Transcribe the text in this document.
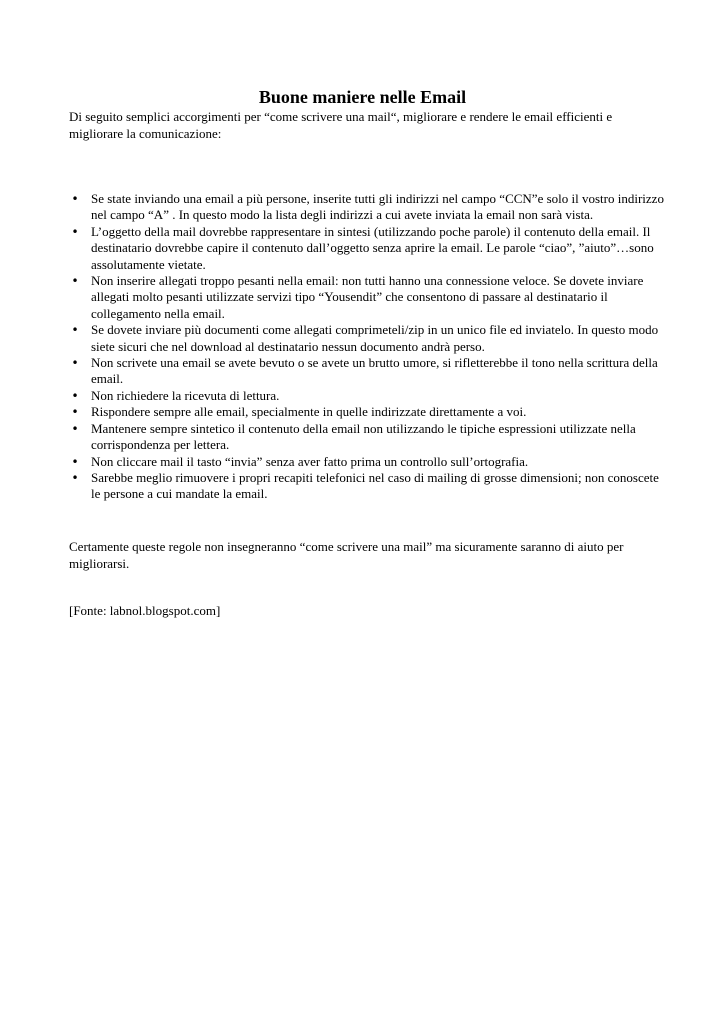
Buone maniere nelle Email

Di seguito semplici accorgimenti per “come scrivere una mail“, migliorare e rendere le email efficienti e migliorare la comunicazione:

• Se state inviando una email a più persone, inserite tutti gli indirizzi nel campo “CCN”e solo il vostro indirizzo nel campo “A” . In questo modo la lista degli indirizzi a cui avete inviata la email non sarà vista.
• L’oggetto della mail dovrebbe rappresentare in sintesi (utilizzando poche parole) il contenuto della email. Il destinatario dovrebbe capire il contenuto dall’oggetto senza aprire la email. Le parole “ciao”, ”aiuto”…sono assolutamente vietate.
• Non inserire allegati troppo pesanti nella email: non tutti hanno una connessione veloce. Se dovete inviare allegati molto pesanti utilizzate servizi tipo “Yousendit” che consentono di passare al destinatario il collegamento nella email.
• Se dovete inviare più documenti come allegati comprimeteli/zip in un unico file ed inviatelo. In questo modo siete sicuri che nel download al destinatario nessun documento andrà perso.
• Non scrivete una email se avete bevuto o se avete un brutto umore, si rifletterebbe il tono nella scrittura della email.
• Non richiedere la ricevuta di lettura.
• Rispondere sempre alle email, specialmente in quelle indirizzate direttamente a voi.
• Mantenere sempre sintetico il contenuto della email non utilizzando le tipiche espressioni utilizzate nella corrispondenza per lettera.
• Non cliccare mail il tasto “invia” senza aver fatto prima un controllo sull’ortografia.
• Sarebbe meglio rimuovere i propri recapiti telefonici nel caso di mailing di grosse dimensioni; non conoscete le persone a cui mandate la email.

Certamente queste regole non insegneranno “come scrivere una mail” ma sicuramente saranno di aiuto per migliorarsi.

[Fonte: labnol.blogspot.com]
